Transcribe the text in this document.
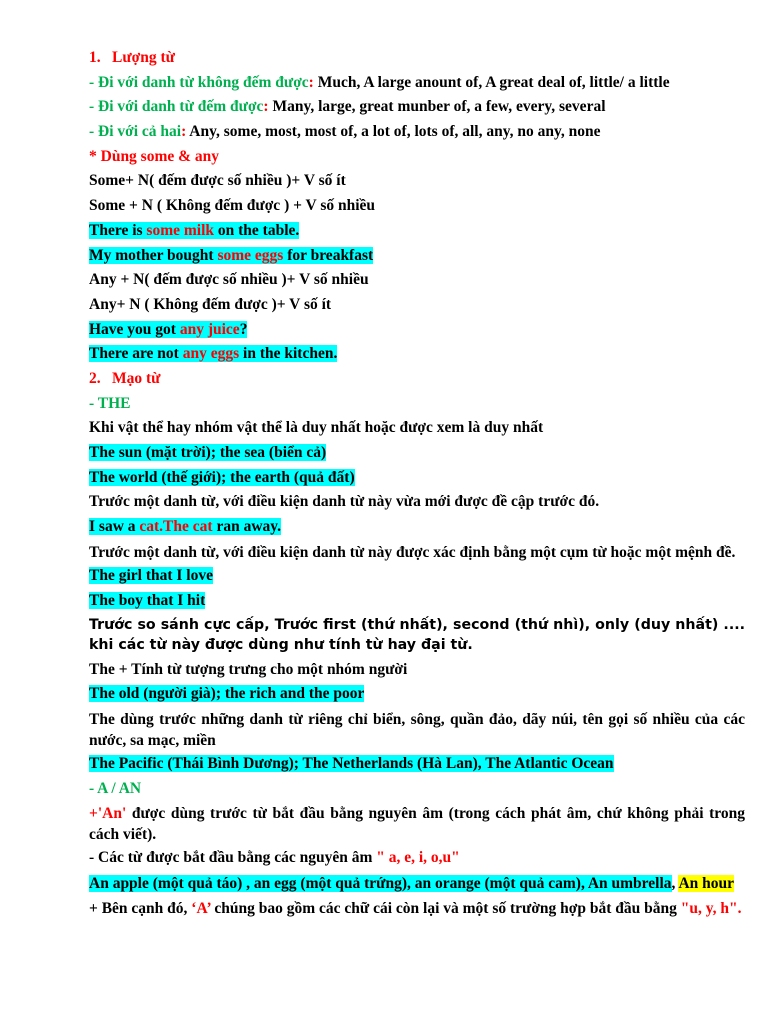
1. Lượng từ
- Đi với danh từ không đếm được: Much, A large anount of, A great deal of, little/ a little
- Đi với danh từ đếm được: Many, large, great munber of, a few, every, several
- Đi với cả hai: Any, some, most, most of, a lot of, lots of, all, any, no any, none
* Dùng some & any
Some+ N( đếm được số nhiều )+ V số ít
Some + N ( Không đếm được ) + V số nhiều
There is some milk on the table.
My mother bought some eggs for breakfast
Any + N( đếm được số nhiều )+ V số nhiều
Any+ N ( Không đếm được )+ V số ít
Have you got any juice?
There are not any eggs in the kitchen.
2. Mạo từ
- THE
Khi vật thể hay nhóm vật thể là duy nhất hoặc được xem là duy nhất
The sun (mặt trời); the sea (biển cả)
The world (thế giới); the earth (quả đất)
Trước một danh từ, với điều kiện danh từ này vừa mới được đề cập trước đó.
I saw a cat.The cat ran away.
Trước một danh từ, với điều kiện danh từ này được xác định bằng một cụm từ hoặc một mệnh đề.
The girl that I love
The boy that I hit
Trước so sánh cực cấp, Trước first (thứ nhất), second (thứ nhì), only (duy nhất) .... khi các từ này được dùng như tính từ hay đại từ.
The + Tính từ tượng trưng cho một nhóm người
The old (người già); the rich and the poor
The dùng trước những danh từ riêng chỉ biển, sông, quần đảo, dãy núi, tên gọi số nhiều của các nước, sa mạc, miền
The Pacific (Thái Bình Dương); The Netherlands (Hà Lan), The Atlantic Ocean
- A / AN
+'An' được dùng trước từ bắt đầu bằng nguyên âm (trong cách phát âm, chứ không phải trong cách viết).
- Các từ được bắt đầu bằng các nguyên âm " a, e, i, o,u"
An apple (một quả táo) , an egg (một quả trứng), an orange (một quả cam), An umbrella, An hour
+ Bên cạnh đó, ‘A’ chúng bao gồm các chữ cái còn lại và một số trường hợp bắt đầu bằng "u, y, h".
